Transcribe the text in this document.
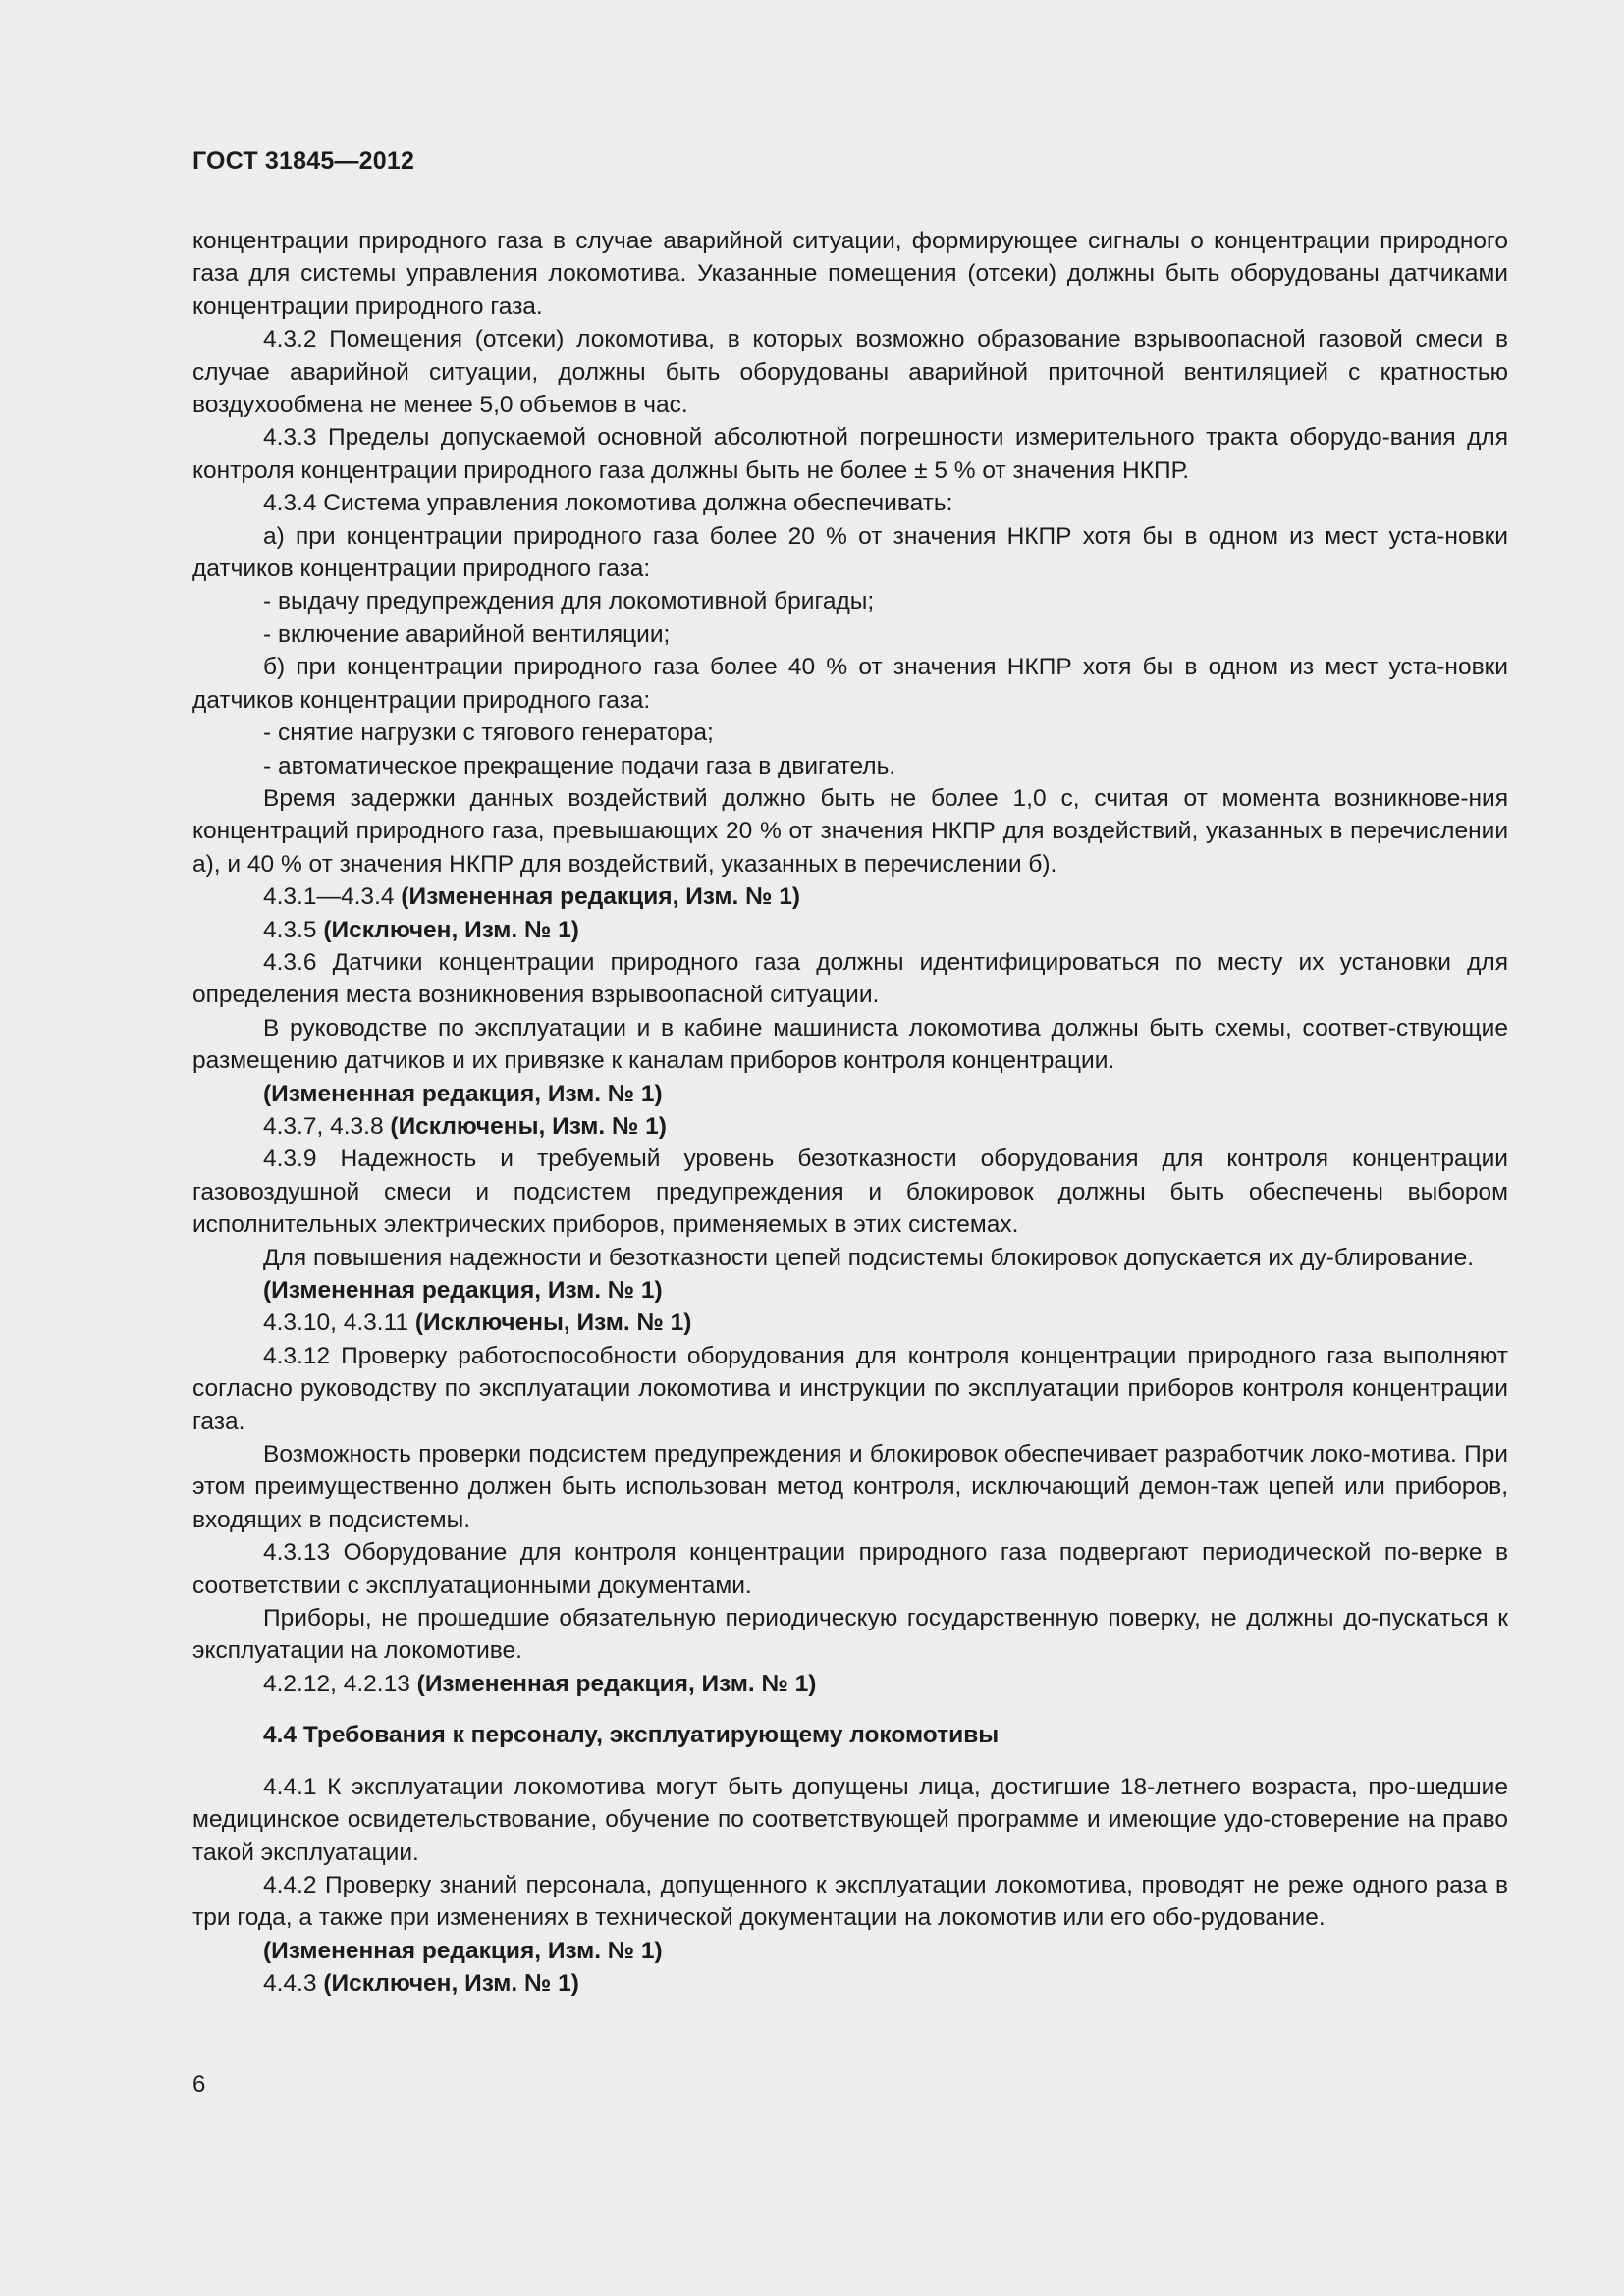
ГОСТ 31845—2012

концентрации природного газа в случае аварийной ситуации, формирующее сигналы о концентрации природного газа для системы управления локомотива. Указанные помещения (отсеки) должны быть оборудованы датчиками концентрации природного газа.

4.3.2 Помещения (отсеки) локомотива, в которых возможно образование взрывоопасной газовой смеси в случае аварийной ситуации, должны быть оборудованы аварийной приточной вентиляцией с кратностью воздухообмена не менее 5,0 объемов в час.

4.3.3 Пределы допускаемой основной абсолютной погрешности измерительного тракта оборудо-вания для контроля концентрации природного газа должны быть не более ± 5 % от значения НКПР.

4.3.4 Система управления локомотива должна обеспечивать:

а) при концентрации природного газа более 20 % от значения НКПР хотя бы в одном из мест уста-новки датчиков концентрации природного газа:

- выдачу предупреждения для локомотивной бригады;

- включение аварийной вентиляции;

б) при концентрации природного газа более 40 % от значения НКПР хотя бы в одном из мест уста-новки датчиков концентрации природного газа:

- снятие нагрузки с тягового генератора;

- автоматическое прекращение подачи газа в двигатель.

Время задержки данных воздействий должно быть не более 1,0 с, считая от момента возникнове-ния концентраций природного газа, превышающих 20 % от значения НКПР для воздействий, указанных в перечислении а), и 40 % от значения НКПР для воздействий, указанных в перечислении б).

4.3.1—4.3.4 (Измененная редакция, Изм. № 1)

4.3.5 (Исключен, Изм. № 1)

4.3.6 Датчики концентрации природного газа должны идентифицироваться по месту их установки для определения места возникновения взрывоопасной ситуации.

В руководстве по эксплуатации и в кабине машиниста локомотива должны быть схемы, соответ-ствующие размещению датчиков и их привязке к каналам приборов контроля концентрации.

(Измененная редакция, Изм. № 1)

4.3.7, 4.3.8 (Исключены, Изм. № 1)

4.3.9 Надежность и требуемый уровень безотказности оборудования для контроля концентрации газовоздушной смеси и подсистем предупреждения и блокировок должны быть обеспечены выбором исполнительных электрических приборов, применяемых в этих системах.

Для повышения надежности и безотказности цепей подсистемы блокировок допускается их ду-блирование.

(Измененная редакция, Изм. № 1)

4.3.10, 4.3.11 (Исключены, Изм. № 1)

4.3.12 Проверку работоспособности оборудования для контроля концентрации природного газа выполняют согласно руководству по эксплуатации локомотива и инструкции по эксплуатации приборов контроля концентрации газа.

Возможность проверки подсистем предупреждения и блокировок обеспечивает разработчик локо-мотива. При этом преимущественно должен быть использован метод контроля, исключающий демон-таж цепей или приборов, входящих в подсистемы.

4.3.13 Оборудование для контроля концентрации природного газа подвергают периодической по-верке в соответствии с эксплуатационными документами.

Приборы, не прошедшие обязательную периодическую государственную поверку, не должны до-пускаться к эксплуатации на локомотиве.

4.2.12, 4.2.13 (Измененная редакция, Изм. № 1)

4.4 Требования к персоналу, эксплуатирующему локомотивы

4.4.1 К эксплуатации локомотива могут быть допущены лица, достигшие 18-летнего возраста, про-шедшие медицинское освидетельствование, обучение по соответствующей программе и имеющие удо-стоверение на право такой эксплуатации.

4.4.2 Проверку знаний персонала, допущенного к эксплуатации локомотива, проводят не реже одного раза в три года, а также при изменениях в технической документации на локомотив или его обо-рудование.

(Измененная редакция, Изм. № 1)

4.4.3 (Исключен, Изм. № 1)

6
